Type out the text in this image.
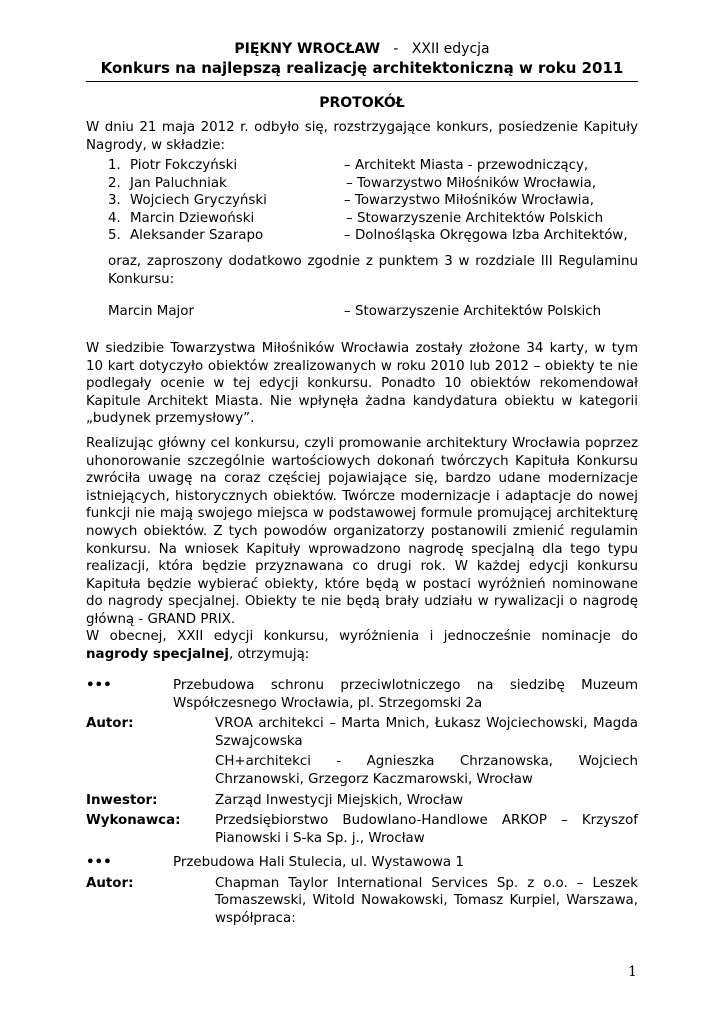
PIĘKNY WROCŁAW - XXII edycja
Konkurs na najlepszą realizację architektoniczną w roku 2011
PROTOKÓŁ
W dniu 21 maja 2012 r. odbyło się, rozstrzygające konkurs, posiedzenie Kapituły Nagrody, w składzie:
1. Piotr Fokczyński	– Architekt Miasta - przewodniczący,
2. Jan Paluchniak	– Towarzystwo Miłośników Wrocławia,
3. Wojciech Gryczyński	– Towarzystwo Miłośników Wrocławia,
4. Marcin Dziewoński	– Stowarzyszenie Architektów Polskich
5. Aleksander Szarapo	– Dolnośląska Okręgowa Izba Architektów,
oraz, zaproszony dodatkowo zgodnie z punktem 3 w rozdziale III Regulaminu Konkursu:
Marcin Major	– Stowarzyszenie Architektów Polskich
W siedzibie Towarzystwa Miłośników Wrocławia zostały złożone 34 karty, w tym 10 kart dotyczyło obiektów zrealizowanych w roku 2010 lub 2012 – obiekty te nie podlegały ocenie w tej edycji konkursu. Ponadto 10 obiektów rekomendował Kapitule Architekt Miasta. Nie wpłynęła żadna kandydatura obiektu w kategorii „budynek przemysłowy”.
Realizując główny cel konkursu, czyli promowanie architektury Wrocławia poprzez uhonorowanie szczególnie wartościowych dokonań twórczych Kapituła Konkursu zwróciła uwagę na coraz częściej pojawiające się, bardzo udane modernizacje istniejących, historycznych obiektów. Twórcze modernizacje i adaptacje do nowej funkcji nie mają swojego miejsca w podstawowej formule promującej architekturę nowych obiektów. Z tych powodów organizatorzy postanowili zmienić regulamin konkursu. Na wniosek Kapituły wprowadzono nagrodę specjalną dla tego typu realizacji, która będzie przyznawana co drugi rok. W każdej edycji konkursu Kapituła będzie wybierać obiekty, które będą w postaci wyróżnień nominowane do nagrody specjalnej. Obiekty te nie będą brały udziału w rywalizacji o nagrodę główną - GRAND PRIX.
W obecnej, XXII edycji konkursu, wyróżnienia i jednocześnie nominacje do nagrody specjalnej, otrzymują:
•••	Przebudowa schronu przeciwlotniczego na siedzibę Muzeum Współczesnego Wrocławia, pl. Strzegomski 2a
Autor:	VROA architekci – Marta Mnich, Łukasz Wojciechowski, Magda Szwajcowska
CH+architekci - Agnieszka Chrzanowska, Wojciech Chrzanowski, Grzegorz Kaczmarowski, Wrocław
Inwestor:	Zarząd Inwestycji Miejskich, Wrocław
Wykonawca:	Przedsiębiorstwo Budowlano-Handlowe ARKOP – Krzyszof Pianowski i S-ka Sp. j., Wrocław
•••	Przebudowa Hali Stulecia, ul. Wystawowa 1
Autor:	Chapman Taylor International Services Sp. z o.o. – Leszek Tomaszewski, Witold Nowakowski, Tomasz Kurpiel, Warszawa, współpraca:
1
